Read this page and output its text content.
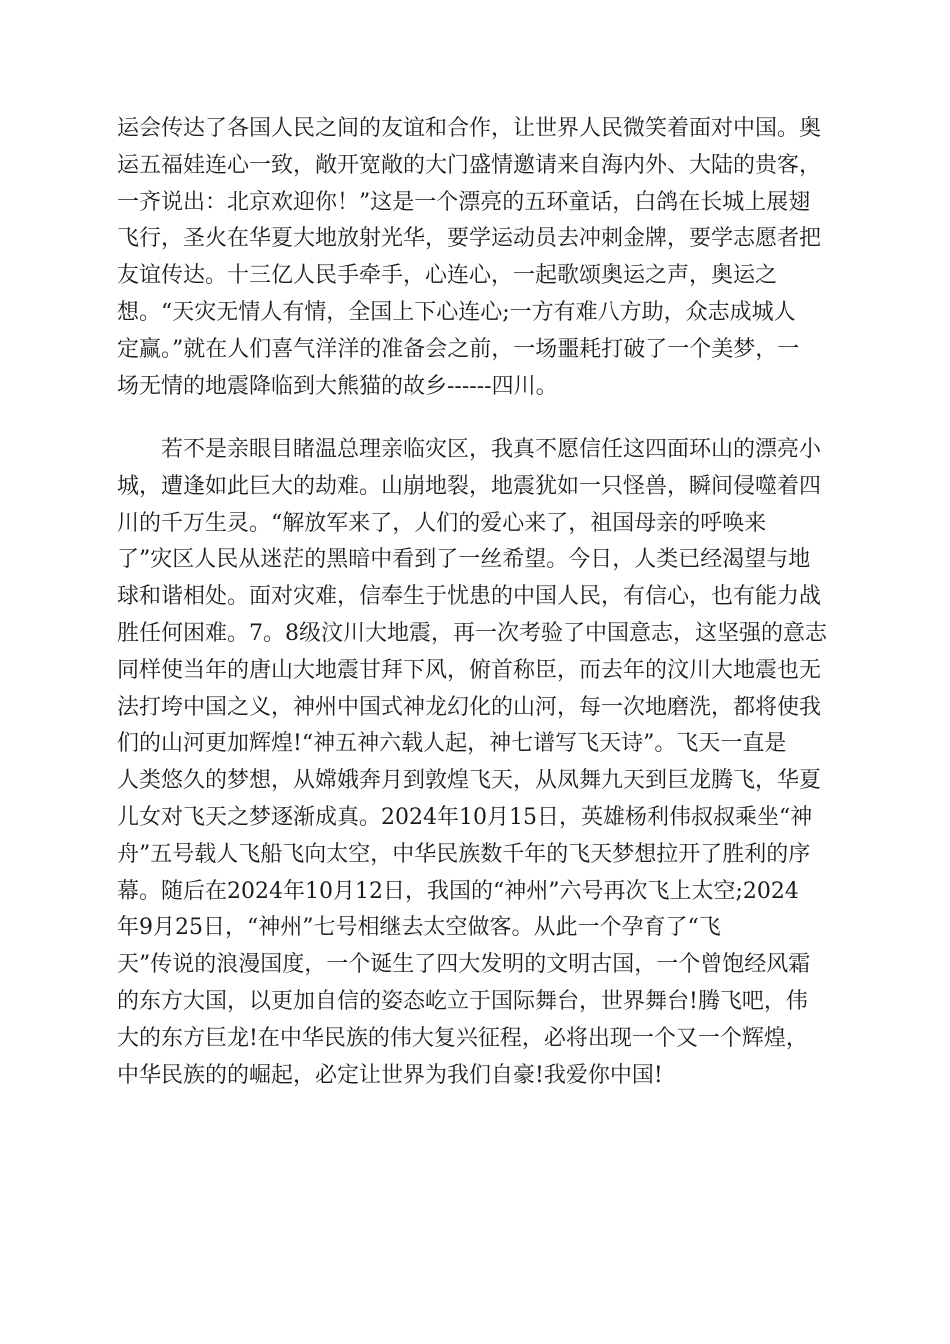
运会传达了各国人民之间的友谊和合作，让世界人民微笑着面对中国。奥
运五福娃连心一致，敞开宽敞的大门盛情邀请来自海内外、大陆的贵客，
一齐说出：北京欢迎你！”这是一个漂亮的五环童话，白鸽在长城上展翅
飞行，圣火在华夏大地放射光华，要学运动员去冲刺金牌，要学志愿者把
友谊传达。十三亿人民手牵手，心连心，一起歌颂奥运之声，奥运之
想。“天灾无情人有情，全国上下心连心;一方有难八方助，众志成城人
定赢。”就在人们喜气洋洋的准备会之前，一场噩耗打破了一个美梦，一
场无情的地震降临到大熊猫的故乡------四川。
若不是亲眼目睹温总理亲临灾区，我真不愿信任这四面环山的漂亮小
城，遭逢如此巨大的劫难。山崩地裂，地震犹如一只怪兽，瞬间侵噬着四
川的千万生灵。“解放军来了，人们的爱心来了，祖国母亲的呼唤来
了”灾区人民从迷茫的黑暗中看到了一丝希望。今日，人类已经渴望与地
球和谐相处。面对灾难，信奉生于忧患的中国人民，有信心，也有能力战
胜任何困难。7。8级汶川大地震，再一次考验了中国意志，这坚强的意志
同样使当年的唐山大地震甘拜下风，俯首称臣，而去年的汶川大地震也无
法打垮中国之义，神州中国式神龙幻化的山河，每一次地磨洗，都将使我
们的山河更加辉煌!“神五神六载人起，神七谱写飞天诗”。飞天一直是
人类悠久的梦想，从嫦娥奔月到敦煌飞天，从凤舞九天到巨龙腾飞，华夏
儿女对飞天之梦逐渐成真。2024年10月15日，英雄杨利伟叔叔乘坐“神
舟”五号载人飞船飞向太空，中华民族数千年的飞天梦想拉开了胜利的序
幕。随后在2024年10月12日，我国的“神州”六号再次飞上太空;2024
年9月25日，“神州”七号相继去太空做客。从此一个孕育了“飞
天”传说的浪漫国度，一个诞生了四大发明的文明古国，一个曾饱经风霜
的东方大国，以更加自信的姿态屹立于国际舞台，世界舞台!腾飞吧，伟
大的东方巨龙!在中华民族的伟大复兴征程，必将出现一个又一个辉煌，
中华民族的的崛起，必定让世界为我们自豪!我爱你中国!
